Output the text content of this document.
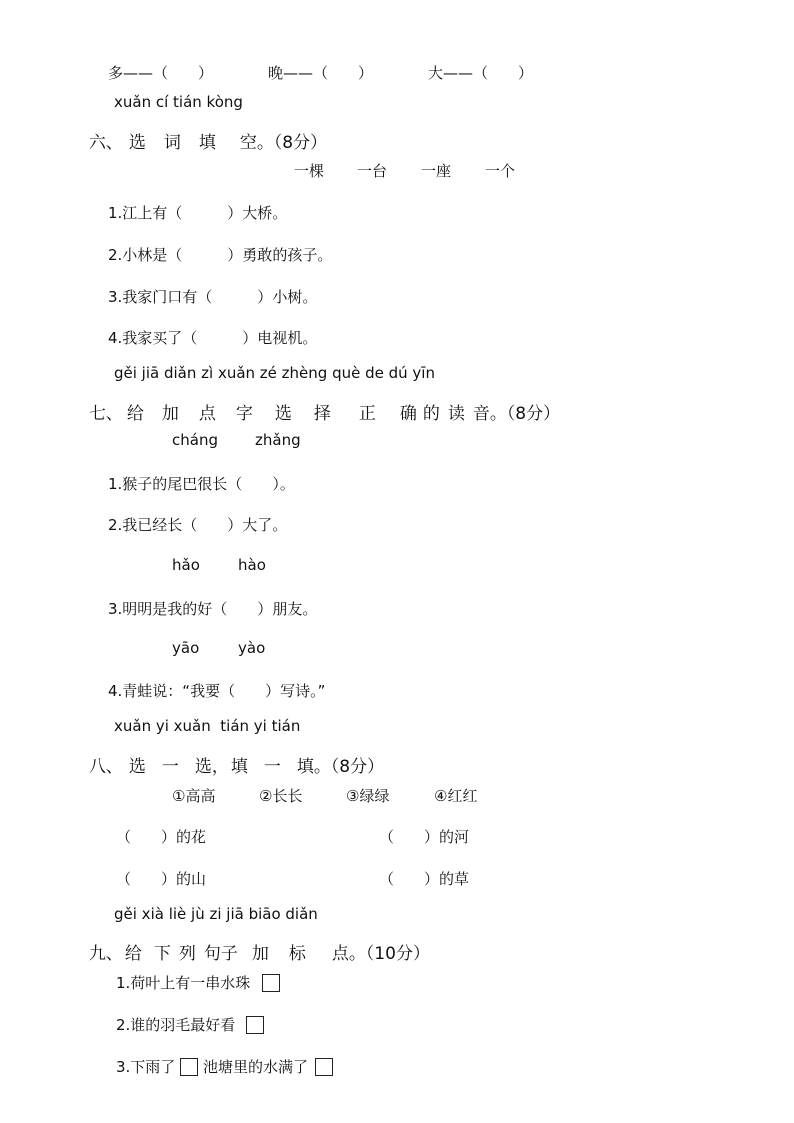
多——（　　）	晚——（　　）	大——（　　）
xuǎn cí tián kòng

六、 选 词 填 空。（8分）

一棵 一台 一座 一个
1.江上有（　　　）大桥。
2.小林是（　　　）勇敢的孩子。
3.我家门口有（　　　）小树。
4.我家买了（　　　）电视机。
gěi jiā diǎn zì xuǎn zé zhèng què de dú yīn

七、 给 加 点 字 选 择 正 确 的 读 音。（8分）

cháng zhǎng
1.猴子的尾巴很长（　　）。
2.我已经长（　　）大了。
hǎo	hào
3.明明是我的好（　　）朋友。
yāo	yào
4.青蛙说：“我要（　　）写诗。”
xuǎn yi xuǎn  tián yi tián

八、 选 一 选， 填 一 填。（8分）

①高高	②长长	③绿绿	④红红
（　　）的花	（　　）的河
（　　）的山	（　　）的草
gěi xià liè jù zi jiā biāo diǎn

九、 给 下 列 句子 加 标 点。（10分）

1.荷叶上有一串水珠
2.谁的羽毛最好看
3.下雨了 池塘里的水满了
